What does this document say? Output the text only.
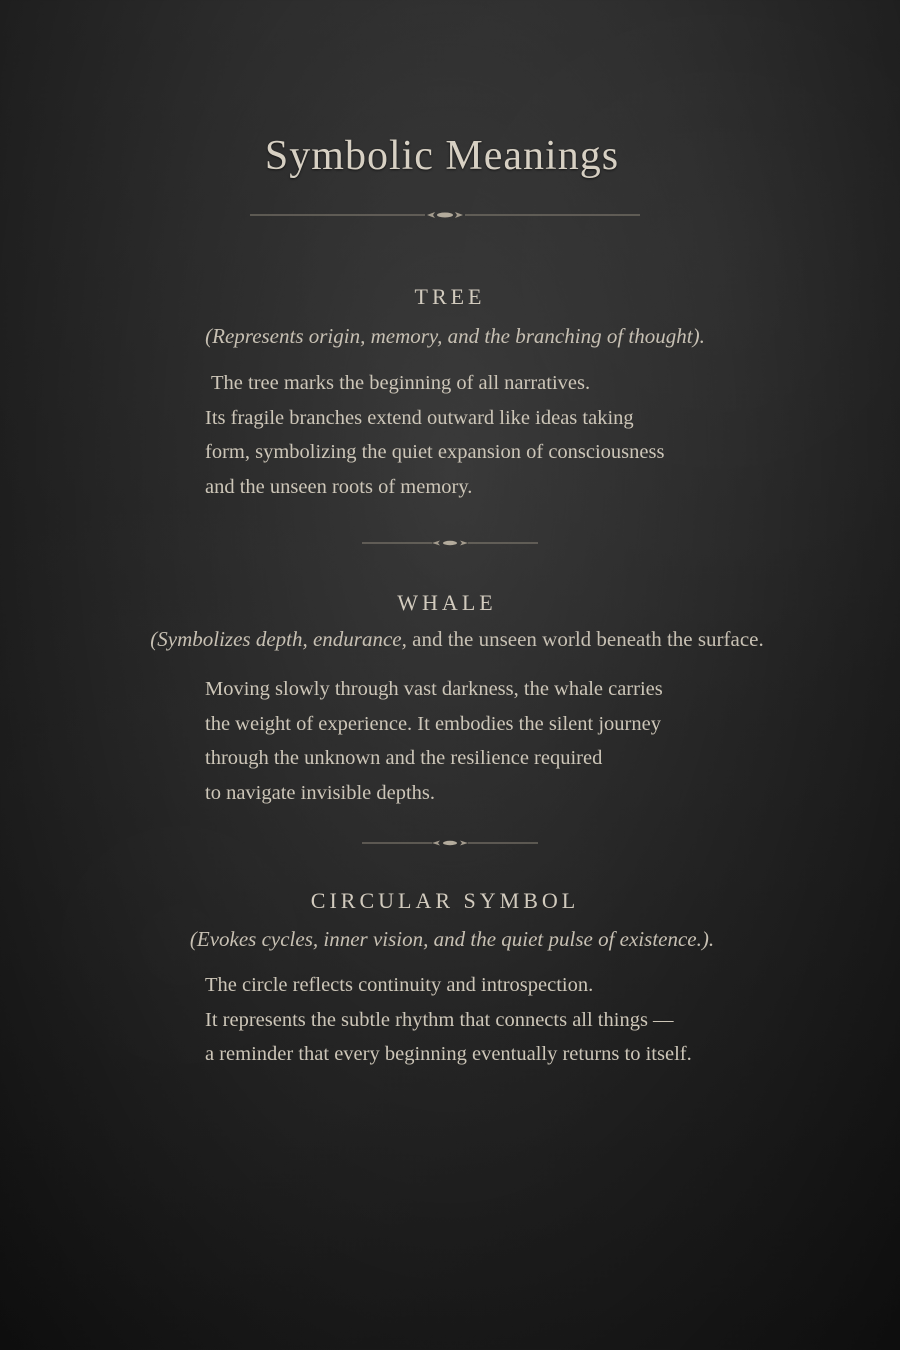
Symbolic Meanings
TREE
(Represents origin, memory, and the branching of thought).
The tree marks the beginning of all narratives.
Its fragile branches extend outward like ideas taking
form, symbolizing the quiet expansion of consciousness
and the unseen roots of memory.
WHALE
(Symbolizes depth, endurance, and the unseen world beneath the surface.
Moving slowly through vast darkness, the whale carries
the weight of experience. It embodies the silent journey
through the unknown and the resilience required
to navigate invisible depths.
CIRCULAR SYMBOL
(Evokes cycles, inner vision, and the quiet pulse of existence.).
The circle reflects continuity and introspection.
It represents the subtle rhythm that connects all things —
a reminder that every beginning eventually returns to itself.
